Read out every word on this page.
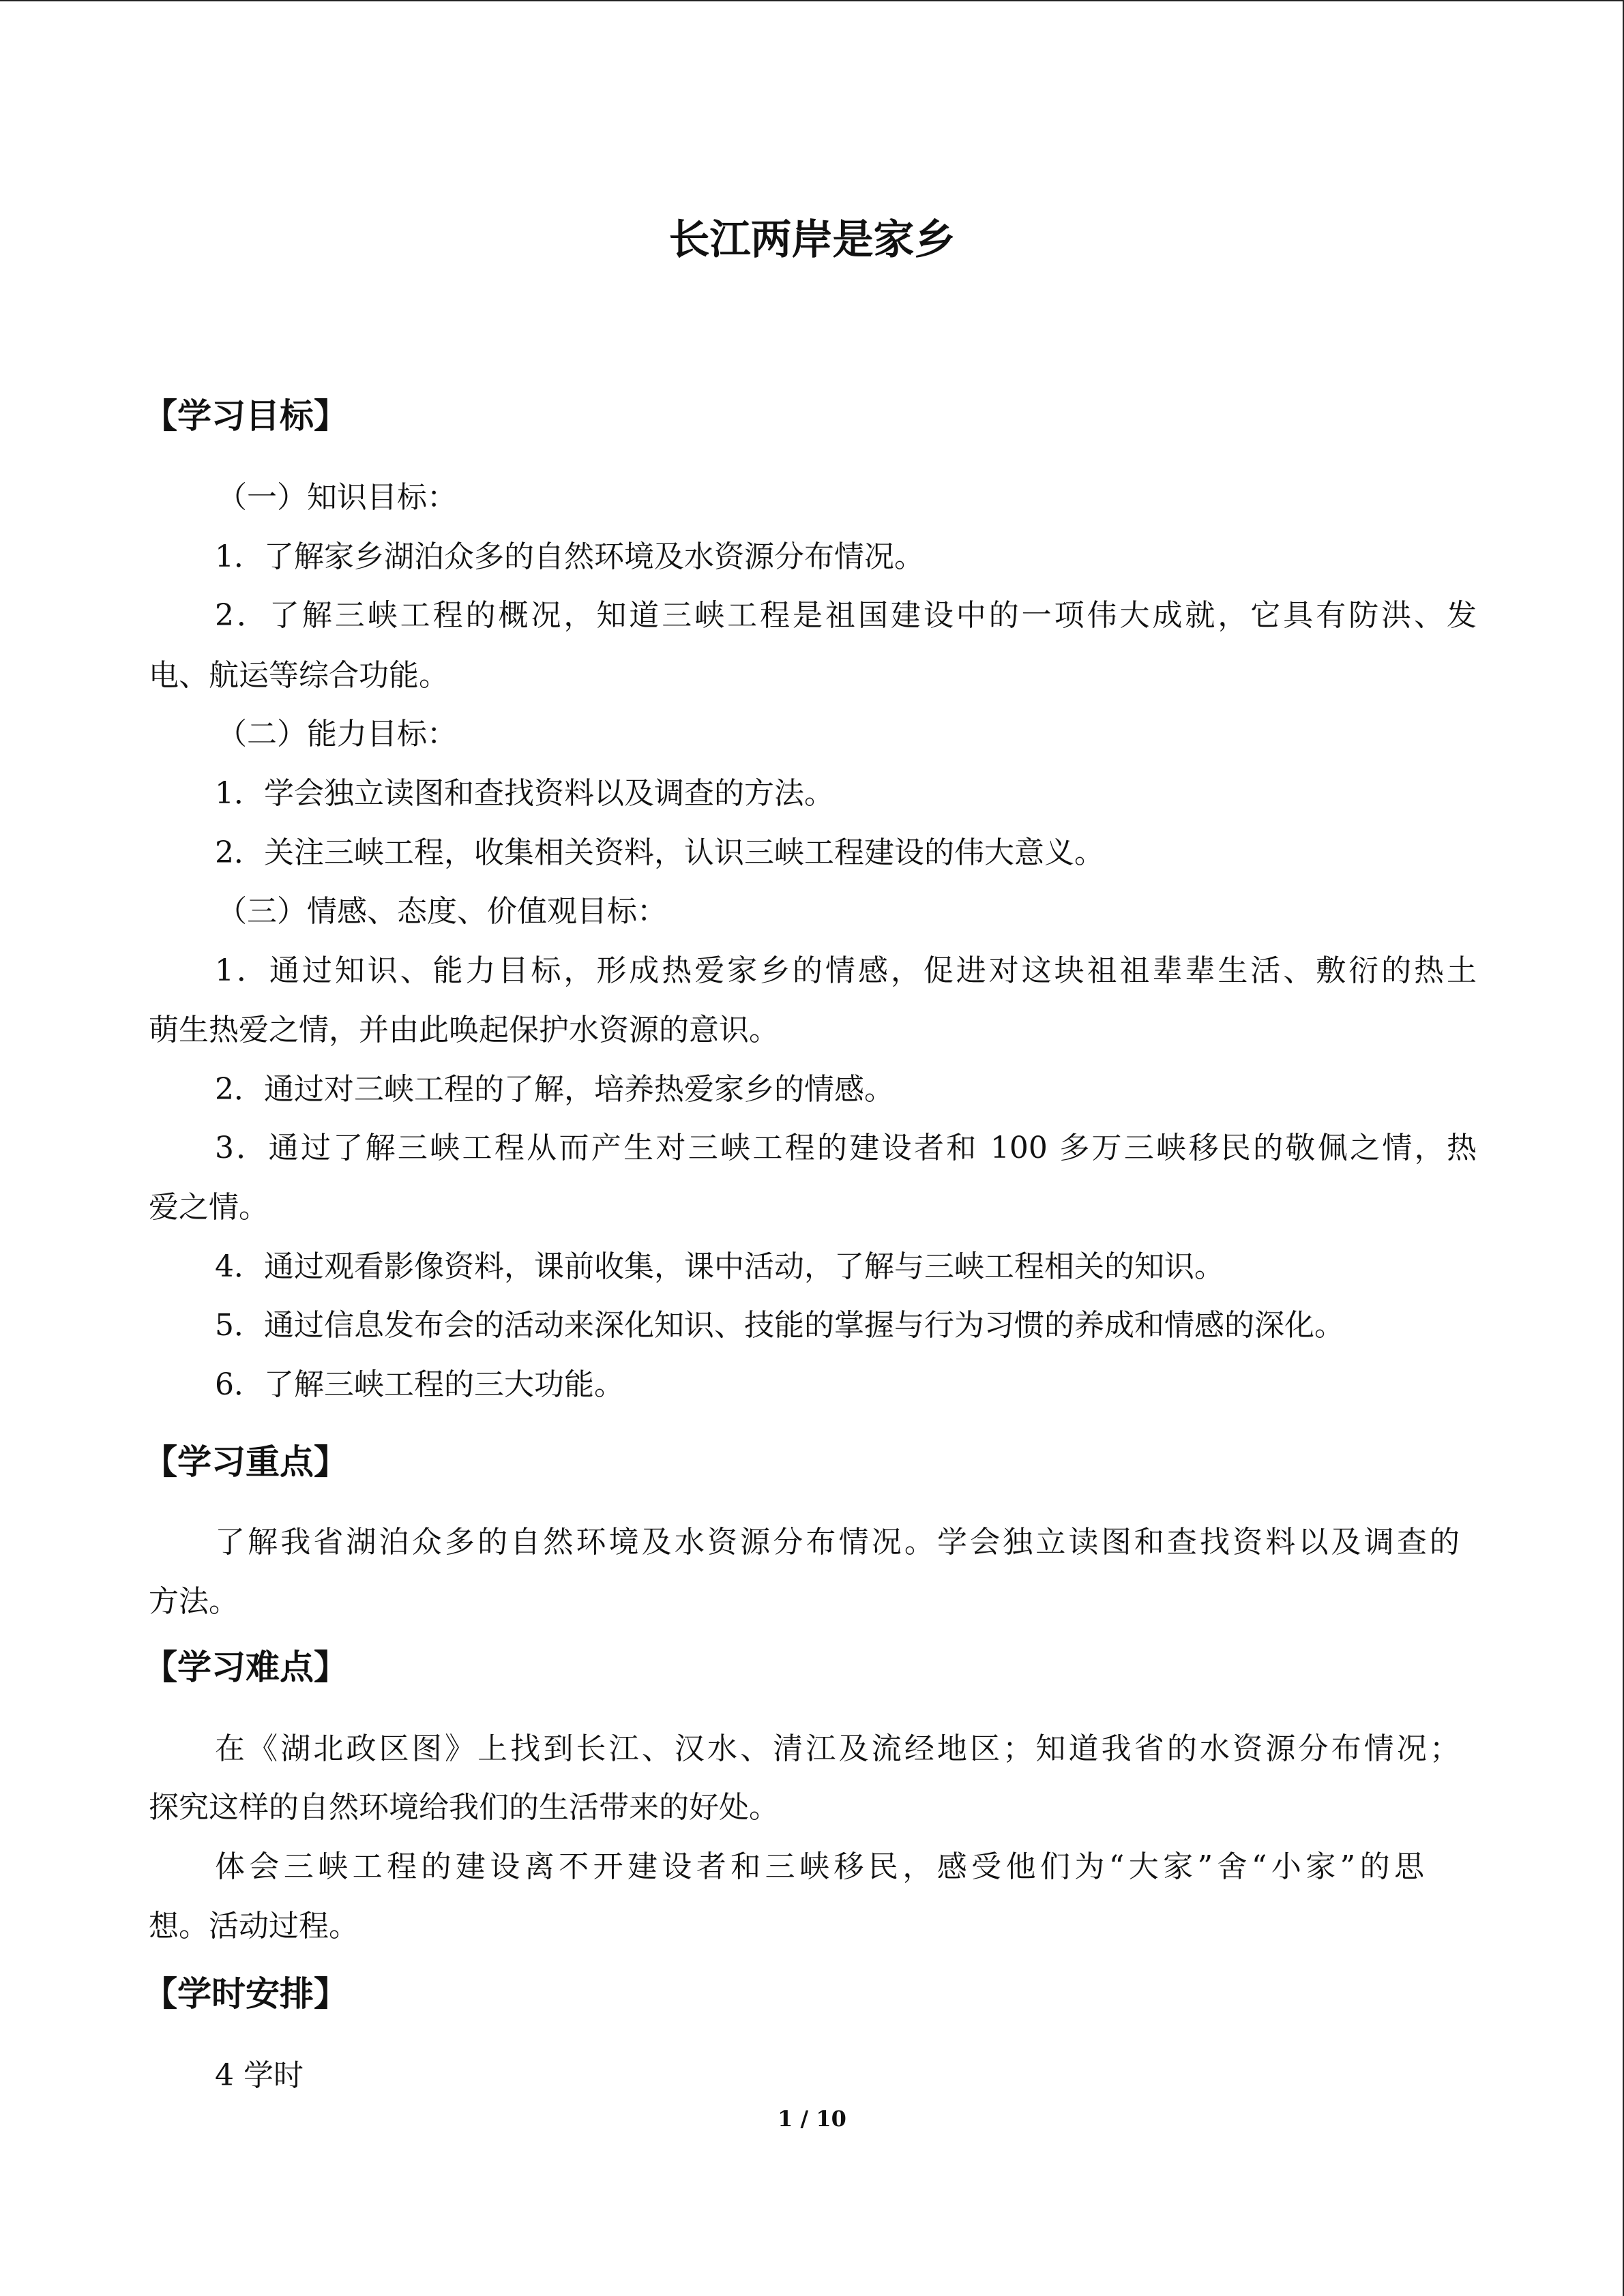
长江两岸是家乡
【学习目标】
（一）知识目标：
1．了解家乡湖泊众多的自然环境及水资源分布情况。
2．了解三峡工程的概况，知道三峡工程是祖国建设中的一项伟大成就，它具有防洪、发
电、航运等综合功能。
（二）能力目标：
1．学会独立读图和查找资料以及调查的方法。
2．关注三峡工程，收集相关资料，认识三峡工程建设的伟大意义。
（三）情感、态度、价值观目标：
1．通过知识、能力目标，形成热爱家乡的情感，促进对这块祖祖辈辈生活、敷衍的热土
萌生热爱之情，并由此唤起保护水资源的意识。
2．通过对三峡工程的了解，培养热爱家乡的情感。
3．通过了解三峡工程从而产生对三峡工程的建设者和 100 多万三峡移民的敬佩之情，热
爱之情。
4．通过观看影像资料，课前收集，课中活动，了解与三峡工程相关的知识。
5．通过信息发布会的活动来深化知识、技能的掌握与行为习惯的养成和情感的深化。
6．了解三峡工程的三大功能。
【学习重点】
了解我省湖泊众多的自然环境及水资源分布情况。学会独立读图和查找资料以及调查的
方法。
【学习难点】
在《湖北政区图》上找到长江、汉水、清江及流经地区；知道我省的水资源分布情况；
探究这样的自然环境给我们的生活带来的好处。
体会三峡工程的建设离不开建设者和三峡移民，感受他们为“大家”舍“小家”的思
想。活动过程。
【学时安排】
4 学时
1 / 10
